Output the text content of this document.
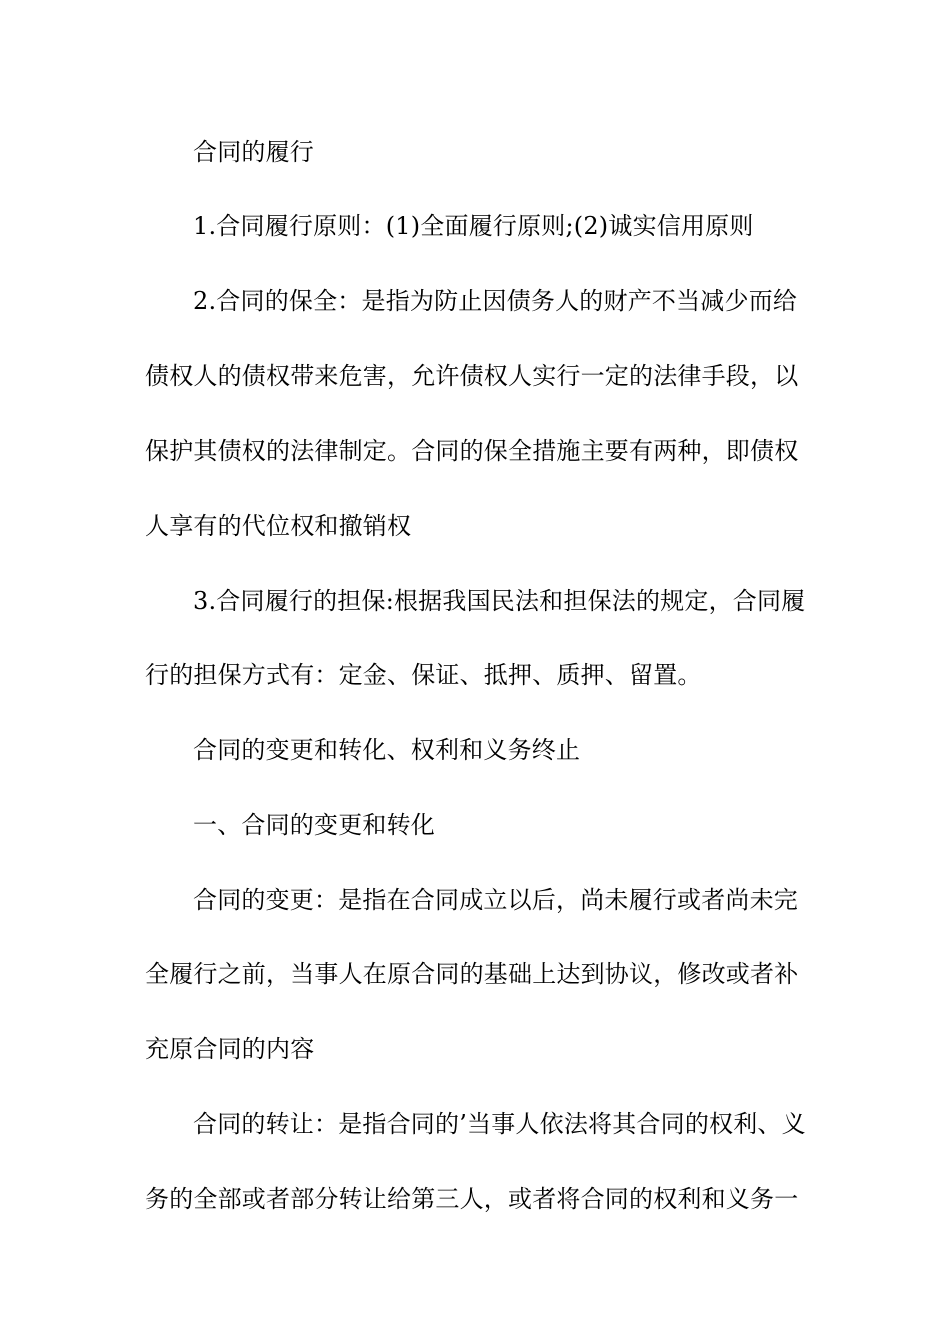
合同的履行
1.合同履行原则：(1)全面履行原则;(2)诚实信用原则
2.合同的保全：是指为防止因债务人的财产不当减少而给
债权人的债权带来危害，允许债权人实行一定的法律手段，以
保护其债权的法律制定。合同的保全措施主要有两种，即债权
人享有的代位权和撤销权
3.合同履行的担保:根据我国民法和担保法的规定，合同履
行的担保方式有：定金、保证、抵押、质押、留置。
合同的变更和转化、权利和义务终止
一、合同的变更和转化
合同的变更：是指在合同成立以后，尚未履行或者尚未完
全履行之前，当事人在原合同的基础上达到协议，修改或者补
充原合同的内容
合同的转让：是指合同的’当事人依法将其合同的权利、义
务的全部或者部分转让给第三人，或者将合同的权利和义务一
